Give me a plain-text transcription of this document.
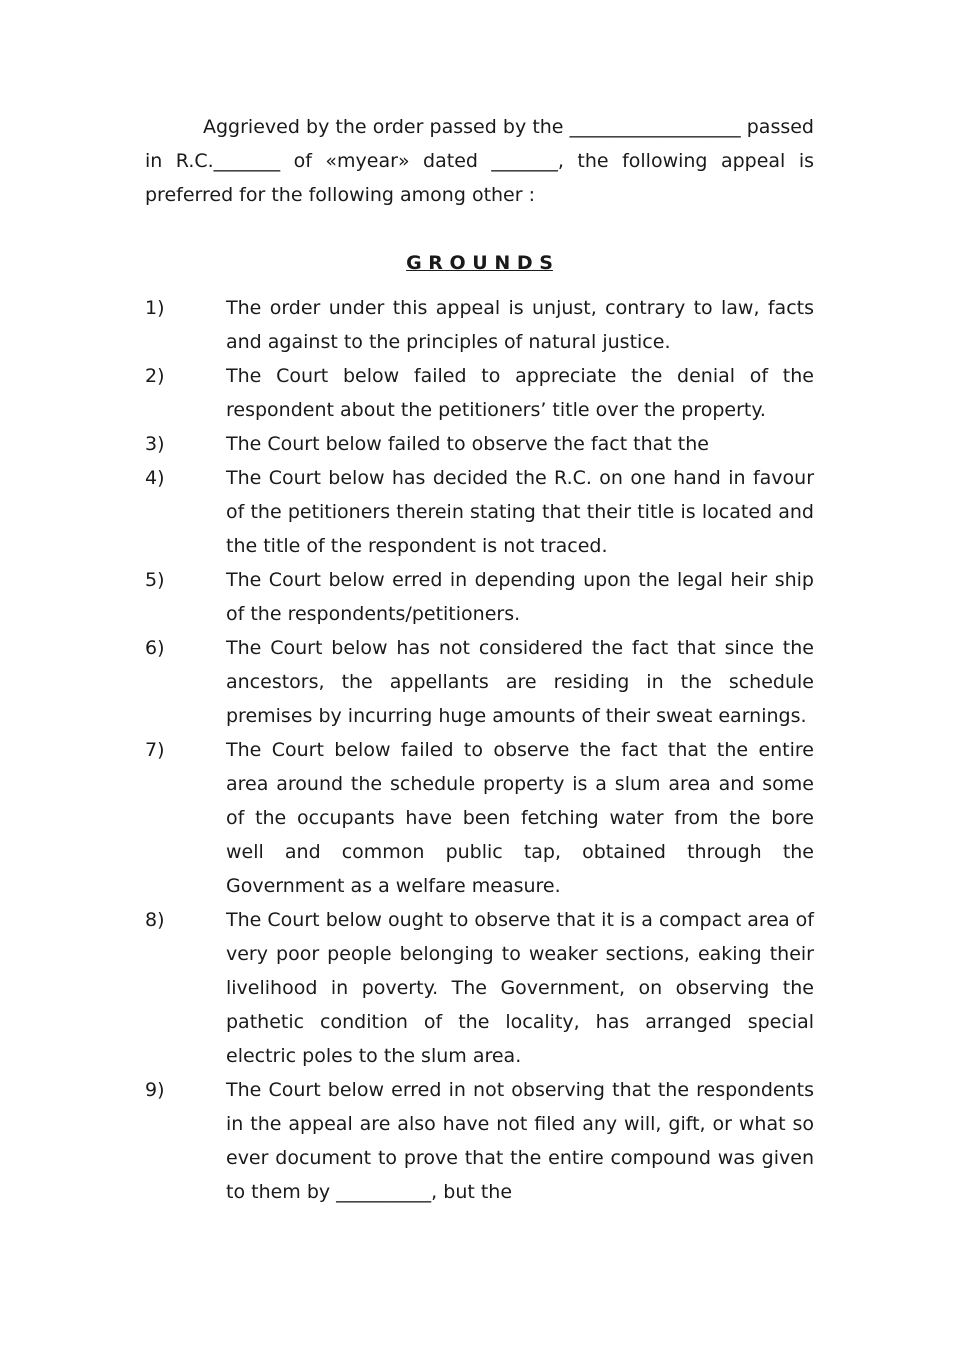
Aggrieved by the order passed by the __________________ passed in R.C._______ of «myear» dated _______, the following appeal is preferred for the following among other :

G R O U N D S

1)	The order under this appeal is unjust, contrary to law, facts and against to the principles of natural justice.
2)	The Court below failed to appreciate the denial of the respondent about the petitioners’ title over the property.
3)	The Court below failed to observe the fact that the
4)	The Court below has decided the R.C. on one hand in favour of the petitioners therein stating that their title is located and the title of the respondent is not traced.
5)	The Court below erred in depending upon the legal heir ship of the respondents/petitioners.
6)	The Court below has not considered the fact that since the ancestors, the appellants are residing in the schedule premises by incurring huge amounts of their sweat earnings.
7)	The Court below failed to observe the fact that the entire area around the schedule property is a slum area and some of the occupants have been fetching water from the bore well and common public tap, obtained through the Government as a welfare measure.
8)	The Court below ought to observe that it is a compact area of very poor people belonging to weaker sections, eaking their livelihood in poverty. The Government, on observing the pathetic condition of the locality, has arranged special electric poles to the slum area.
9)	The Court below erred in not observing that the respondents in the appeal are also have not filed any will, gift, or what so ever document to prove that the entire compound was given to them by __________, but the
